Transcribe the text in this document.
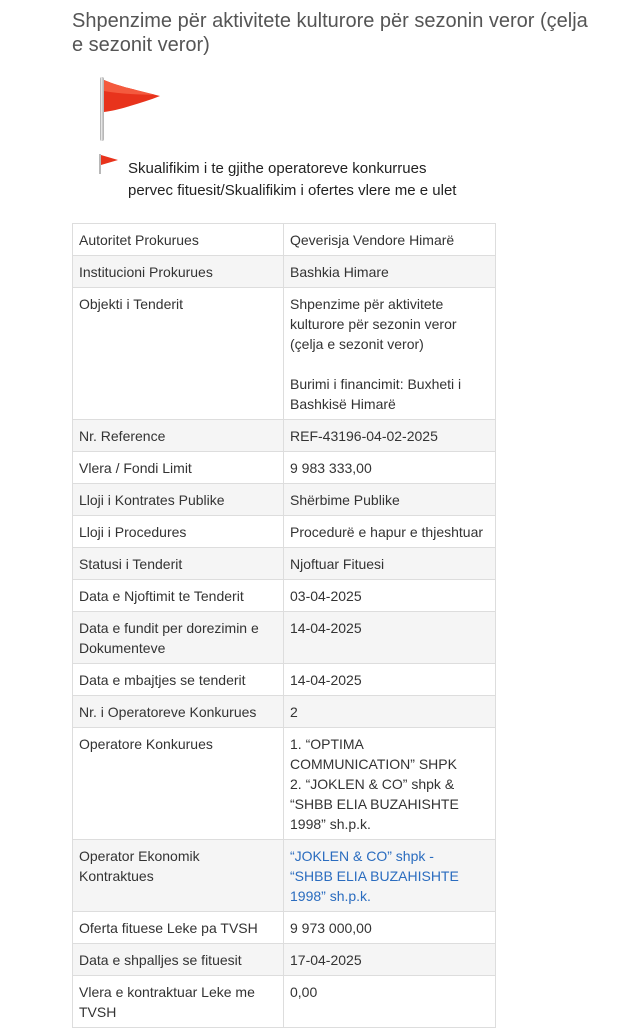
Shpenzime për aktivitete kulturore për sezonin veror (çelja e sezonit veror)
Skualifikim i te gjithe operatoreve konkurrues
pervec fituesit/Skualifikim i ofertes vlere me e ulet
Autoritet Prokurues	Qeverisja Vendore Himarë
Institucioni Prokurues	Bashkia Himare
Objekti i Tenderit	Shpenzime për aktivitete
kulturore për sezonin veror
(çelja e sezonit veror)
Burimi i financimit: Buxheti i
Bashkisë Himarë

Nr. Reference	REF-43196-04-02-2025
Vlera / Fondi Limit	9 983 333,00
Lloji i Kontrates Publike	Shërbime Publike
Lloji i Procedures	Procedurë e hapur e thjeshtuar
Statusi i Tenderit	Njoftuar Fituesi
Data e Njoftimit te Tenderit	03-04-2025

Data e fundit per dorezimin e
Dokumenteve	14-04-2025
Data e mbajtjes se tenderit	14-04-2025
Nr. i Operatoreve Konkurues	2
Operatore Konkurues	1. “OPTIMA
COMMUNICATION” SHPK
2. “JOKLEN & CO” shpk &
“SHBB ELIA BUZAHISHTE
1998” sh.p.k.

Operator Ekonomik
Kontraktues	“JOKLEN & CO” shpk -
“SHBB ELIA BUZAHISHTE
1998” sh.p.k.

Oferta fituese Leke pa TVSH	9 973 000,00
Data e shpalljes se fituesit	17-04-2025

Vlera e kontraktuar Leke me
TVSH	0,00
